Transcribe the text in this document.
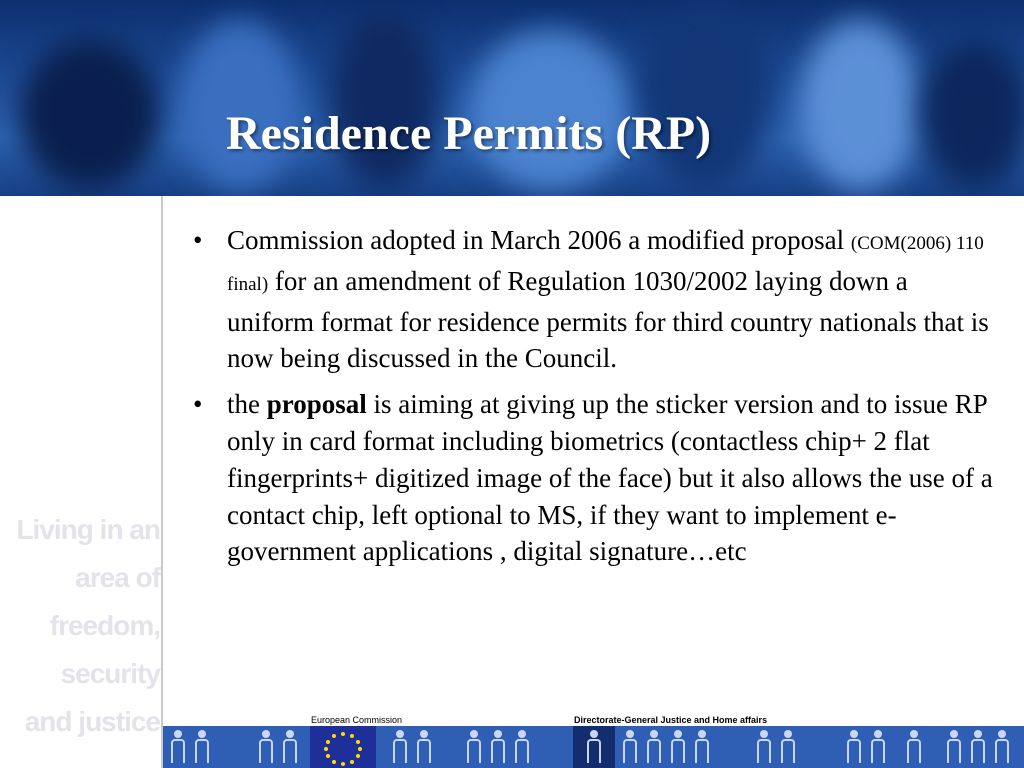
Residence Permits (RP)
Living in an
area of
freedom,
security
and justice
• Commission adopted in March 2006 a modified proposal (COM(2006) 110 final) for an amendment of Regulation 1030/2002 laying down a uniform format for residence permits for third country nationals that is now being discussed in the Council.
• the proposal is aiming at giving up the sticker version and to issue RP only in card format including biometrics (contactless chip+ 2 flat fingerprints+ digitized image of the face) but it also allows the use of a contact chip, left optional to MS, if they want to implement e-government applications , digital signature…etc
European Commission	Directorate-General Justice and Home affairs
